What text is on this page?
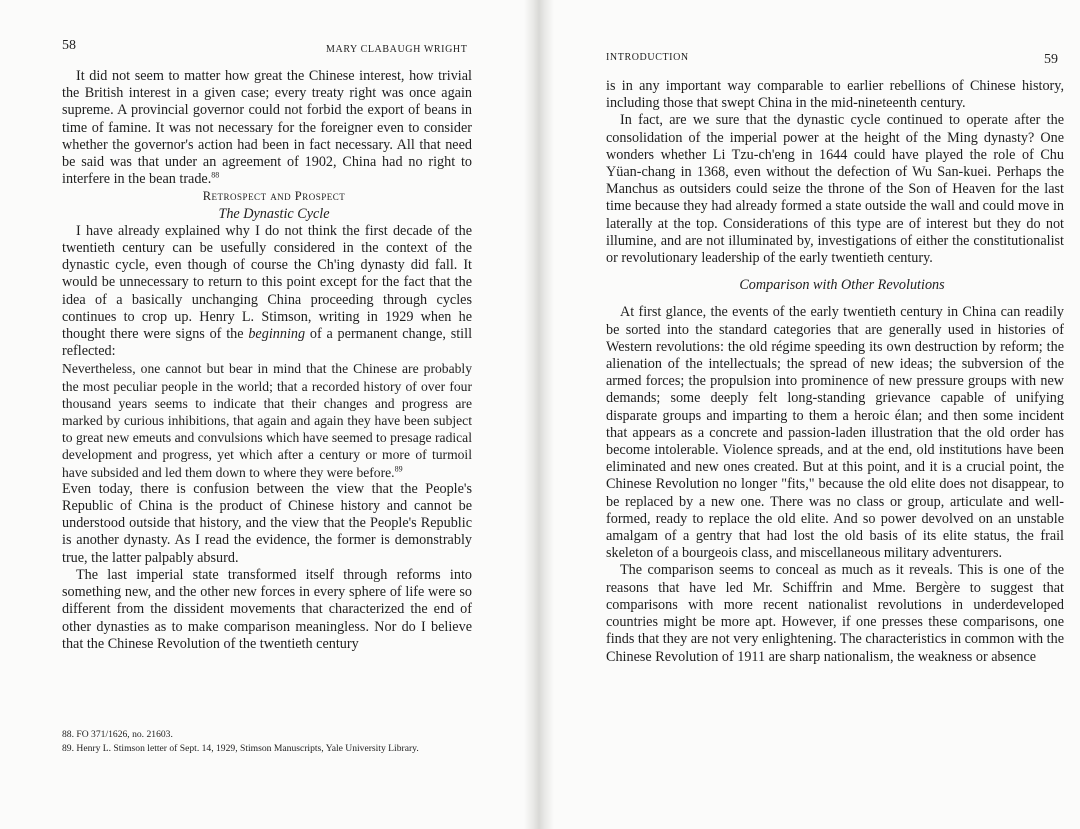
58	MARY CLABAUGH WRIGHT

It did not seem to matter how great the Chinese interest, how trivial the British interest in a given case; every treaty right was once again supreme. A provincial governor could not forbid the export of beans in time of famine. It was not necessary for the foreigner even to consider whether the governor's action had been in fact necessary. All that need be said was that under an agreement of 1902, China had no right to interfere in the bean trade.$^{88}$

Retrospect and Prospect

The Dynastic Cycle

I have already explained why I do not think the first decade of the twentieth century can be usefully considered in the context of the dynastic cycle, even though of course the Ch'ing dynasty did fall. It would be unnecessary to return to this point except for the fact that the idea of a basically unchanging China proceeding through cycles continues to crop up. Henry L. Stimson, writing in 1929 when he thought there were signs of the beginning of a permanent change, still reflected:

Nevertheless, one cannot but bear in mind that the Chinese are probably the most peculiar people in the world; that a recorded history of over four thousand years seems to indicate that their changes and progress are marked by curious inhibitions, that again and again they have been subject to great new emeuts and convulsions which have seemed to presage radical development and progress, yet which after a century or more of turmoil have subsided and led them down to where they were before.$^{89}$

Even today, there is confusion between the view that the People's Republic of China is the product of Chinese history and cannot be understood outside that history, and the view that the People's Republic is another dynasty. As I read the evidence, the former is demonstrably true, the latter palpably absurd.

The last imperial state transformed itself through reforms into something new, and the other new forces in every sphere of life were so different from the dissident movements that characterized the end of other dynasties as to make comparison meaningless. Nor do I believe that the Chinese Revolution of the twentieth century

88. FO 371/1626, no. 21603.
89. Henry L. Stimson letter of Sept. 14, 1929, Stimson Manuscripts, Yale University Library.
INTRODUCTION	59

is in any important way comparable to earlier rebellions of Chinese history, including those that swept China in the mid-nineteenth century.

In fact, are we sure that the dynastic cycle continued to operate after the consolidation of the imperial power at the height of the Ming dynasty? One wonders whether Li Tzu-ch'eng in 1644 could have played the role of Chu Yüan-chang in 1368, even without the defection of Wu San-kuei. Perhaps the Manchus as outsiders could seize the throne of the Son of Heaven for the last time because they had already formed a state outside the wall and could move in laterally at the top. Considerations of this type are of interest but they do not illumine, and are not illuminated by, investigations of either the constitutionalist or revolutionary leadership of the early twentieth century.

Comparison with Other Revolutions

At first glance, the events of the early twentieth century in China can readily be sorted into the standard categories that are generally used in histories of Western revolutions: the old régime speeding its own destruction by reform; the alienation of the intellectuals; the spread of new ideas; the subversion of the armed forces; the propulsion into prominence of new pressure groups with new demands; some deeply felt long-standing grievance capable of unifying disparate groups and imparting to them a heroic élan; and then some incident that appears as a concrete and passion-laden illustration that the old order has become intolerable. Violence spreads, and at the end, old institutions have been eliminated and new ones created. But at this point, and it is a crucial point, the Chinese Revolution no longer "fits," because the old elite does not disappear, to be replaced by a new one. There was no class or group, articulate and well-formed, ready to replace the old elite. And so power devolved on an unstable amalgam of a gentry that had lost the old basis of its elite status, the frail skeleton of a bourgeois class, and miscellaneous military adventurers.

The comparison seems to conceal as much as it reveals. This is one of the reasons that have led Mr. Schiffrin and Mme. Bergère to suggest that comparisons with more recent nationalist revolutions in underdeveloped countries might be more apt. However, if one presses these comparisons, one finds that they are not very enlightening. The characteristics in common with the Chinese Revolution of 1911 are sharp nationalism, the weakness or absence
